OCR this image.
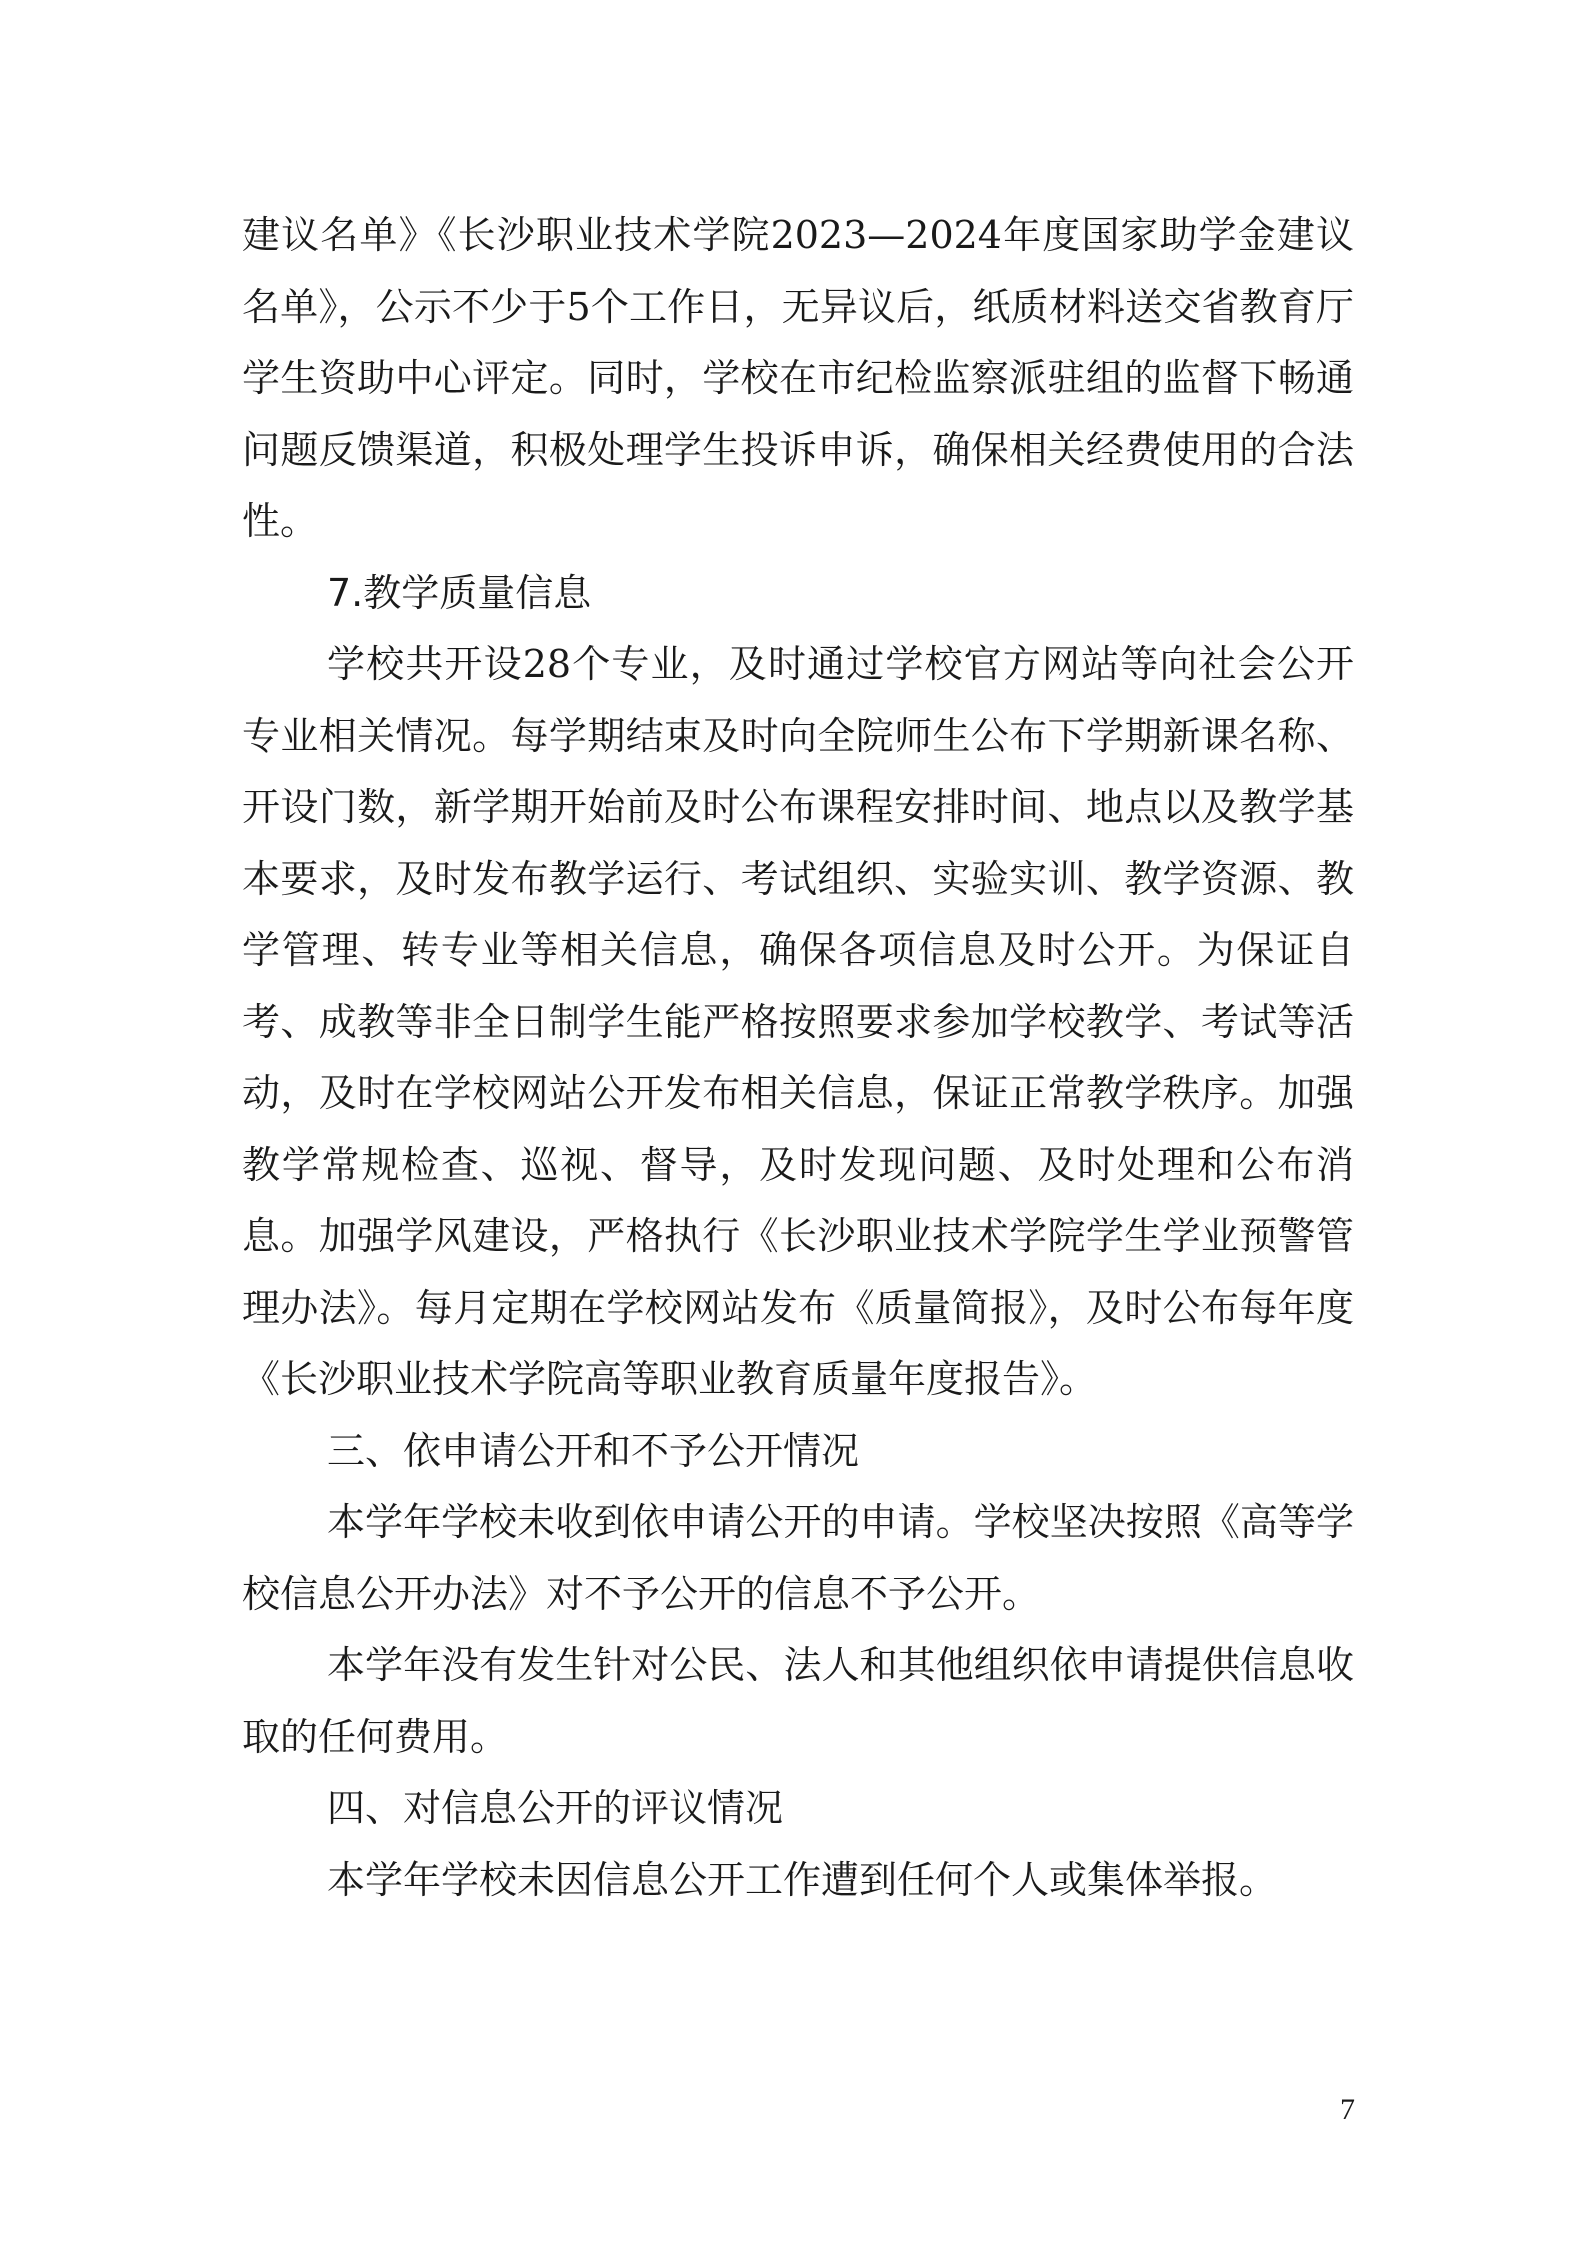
建议名单》《长沙职业技术学院2023—2024年度国家助学金建议名单》，公示不少于5个工作日，无异议后，纸质材料送交省教育厅学生资助中心评定。同时，学校在市纪检监察派驻组的监督下畅通问题反馈渠道，积极处理学生投诉申诉，确保相关经费使用的合法性。

7.教学质量信息

学校共开设28个专业，及时通过学校官方网站等向社会公开专业相关情况。每学期结束及时向全院师生公布下学期新课名称、开设门数，新学期开始前及时公布课程安排时间、地点以及教学基本要求，及时发布教学运行、考试组织、实验实训、教学资源、教学管理、转专业等相关信息，确保各项信息及时公开。为保证自考、成教等非全日制学生能严格按照要求参加学校教学、考试等活动，及时在学校网站公开发布相关信息，保证正常教学秩序。加强教学常规检查、巡视、督导，及时发现问题、及时处理和公布消息。加强学风建设，严格执行《长沙职业技术学院学生学业预警管理办法》。每月定期在学校网站发布《质量简报》，及时公布每年度《长沙职业技术学院高等职业教育质量年度报告》。

三、依申请公开和不予公开情况

本学年学校未收到依申请公开的申请。学校坚决按照《高等学校信息公开办法》对不予公开的信息不予公开。

本学年没有发生针对公民、法人和其他组织依申请提供信息收取的任何费用。

四、对信息公开的评议情况

本学年学校未因信息公开工作遭到任何个人或集体举报。

7
